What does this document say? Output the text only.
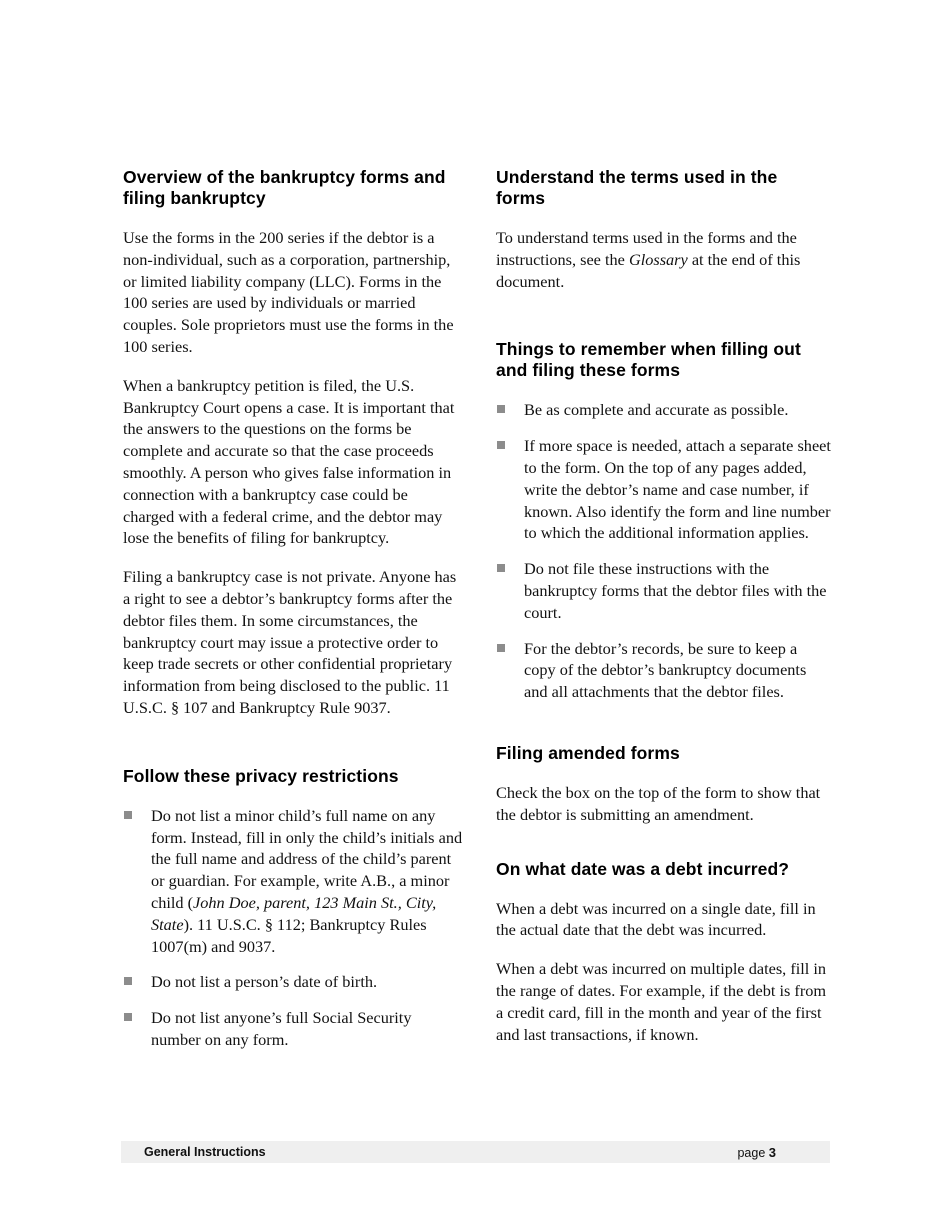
Overview of the bankruptcy forms and filing bankruptcy

Use the forms in the 200 series if the debtor is a non-individual, such as a corporation, partnership, or limited liability company (LLC). Forms in the 100 series are used by individuals or married couples. Sole proprietors must use the forms in the 100 series.

When a bankruptcy petition is filed, the U.S. Bankruptcy Court opens a case. It is important that the answers to the questions on the forms be complete and accurate so that the case proceeds smoothly. A person who gives false information in connection with a bankruptcy case could be charged with a federal crime, and the debtor may lose the benefits of filing for bankruptcy.

Filing a bankruptcy case is not private. Anyone has a right to see a debtor’s bankruptcy forms after the debtor files them. In some circumstances, the bankruptcy court may issue a protective order to keep trade secrets or other confidential proprietary information from being disclosed to the public. 11 U.S.C. § 107 and Bankruptcy Rule 9037.

Follow these privacy restrictions
Do not list a minor child’s full name on any form. Instead, fill in only the child’s initials and the full name and address of the child’s parent or guardian. For example, write A.B., a minor child (John Doe, parent, 123 Main St., City, State). 11 U.S.C. § 112; Bankruptcy Rules 1007(m) and 9037.
Do not list a person’s date of birth.
Do not list anyone’s full Social Security number on any form.
Understand the terms used in the forms

To understand terms used in the forms and the instructions, see the Glossary at the end of this document.

Things to remember when filling out and filing these forms
Be as complete and accurate as possible.
If more space is needed, attach a separate sheet to the form. On the top of any pages added, write the debtor’s name and case number, if known. Also identify the form and line number to which the additional information applies.
Do not file these instructions with the bankruptcy forms that the debtor files with the court.
For the debtor’s records, be sure to keep a copy of the debtor’s bankruptcy documents and all attachments that the debtor files.
Filing amended forms

Check the box on the top of the form to show that the debtor is submitting an amendment.

On what date was a debt incurred?

When a debt was incurred on a single date, fill in the actual date that the debt was incurred.

When a debt was incurred on multiple dates, fill in the range of dates. For example, if the debt is from a credit card, fill in the month and year of the first and last transactions, if known.

General Instructions	page 3
